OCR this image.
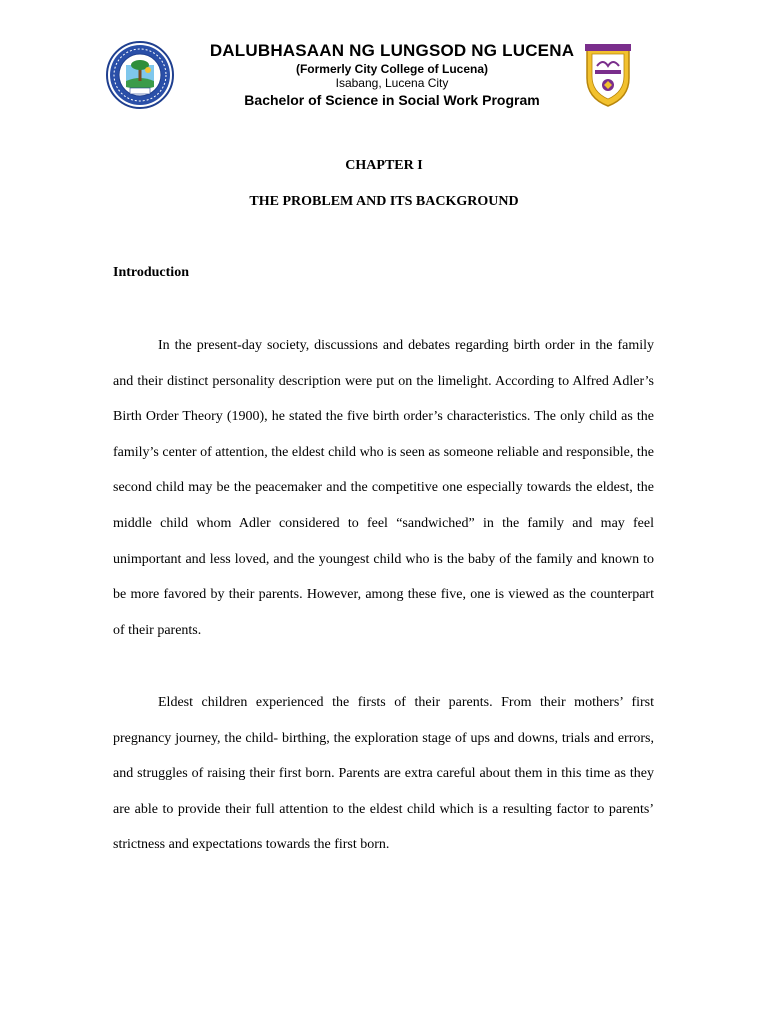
DALUBHASAAN NG LUNGSOD NG LUCENA
(Formerly City College of Lucena)
Isabang, Lucena City
Bachelor of Science in Social Work Program
CHAPTER I
THE PROBLEM AND ITS BACKGROUND
Introduction

In the present-day society, discussions and debates regarding birth order in the family and their distinct personality description were put on the limelight. According to Alfred Adler’s Birth Order Theory (1900), he stated the five birth order’s characteristics. The only child as the family’s center of attention, the eldest child who is seen as someone reliable and responsible, the second child may be the peacemaker and the competitive one especially towards the eldest, the middle child whom Adler considered to feel “sandwiched” in the family and may feel unimportant and less loved, and the youngest child who is the baby of the family and known to be more favored by their parents. However, among these five, one is viewed as the counterpart of their parents.

Eldest children experienced the firsts of their parents. From their mothers’ first pregnancy journey, the child- birthing, the exploration stage of ups and downs, trials and errors, and struggles of raising their first born. Parents are extra careful about them in this time as they are able to provide their full attention to the eldest child which is a resulting factor to parents’ strictness and expectations towards the first born.
